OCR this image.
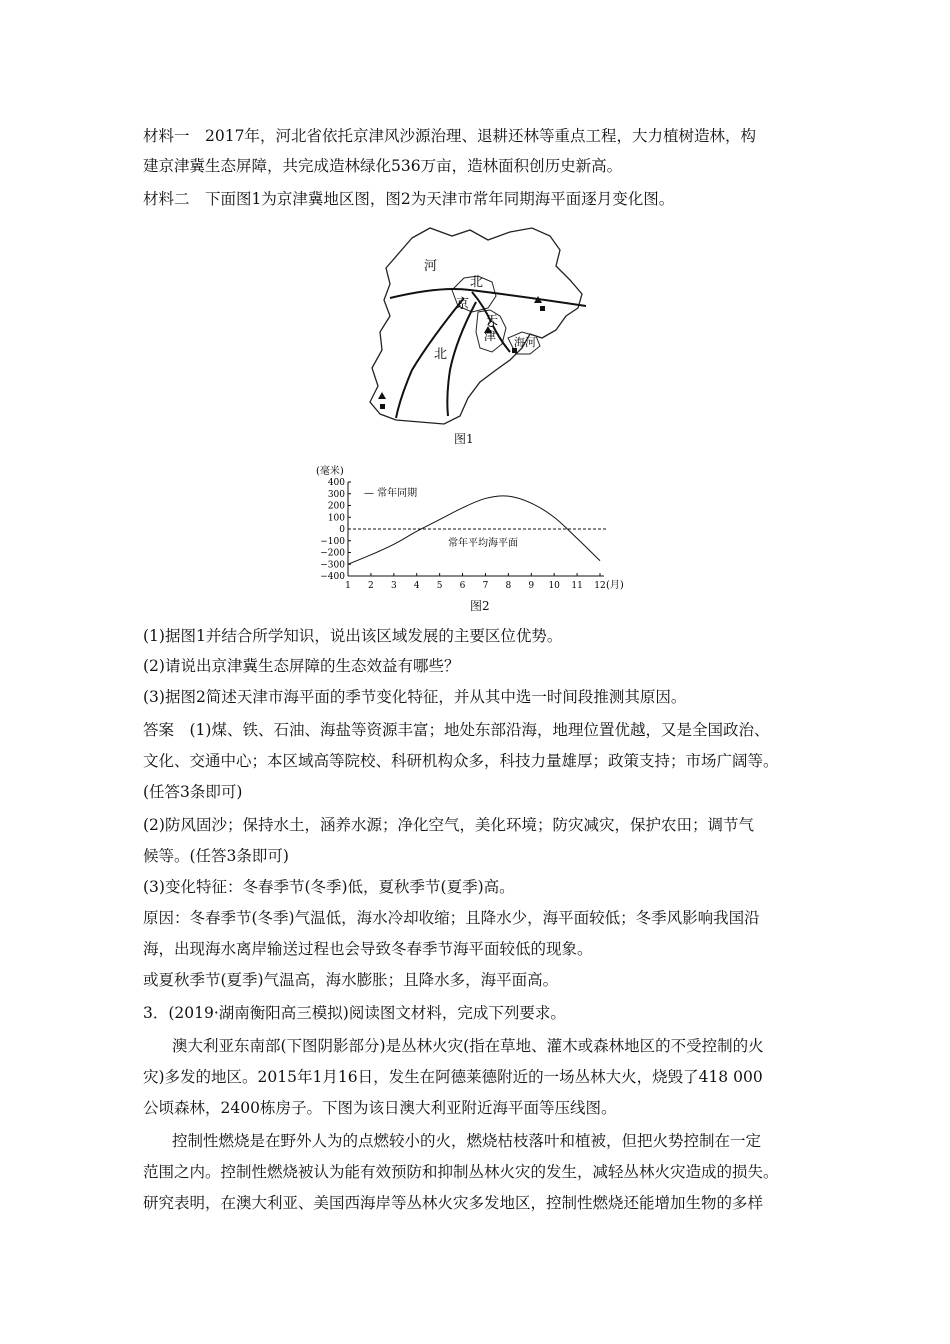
材料一　2017年，河北省依托京津风沙源治理、退耕还林等重点工程，大力植树造林，构
建京津冀生态屏障，共完成造林绿化536万亩，造林面积创历史新高。
材料二　下面图1为京津冀地区图，图2为天津市常年同期海平面逐月变化图。
河
北
京
天
津
北
海河
图1
400
300
200
100
0
−100
−200
−300
−400
1 2 3 4 5 6 7 8 9 10 11 12
(毫米)
— 常年同期
常年平均海平面
(月)
图2
(1)据图1并结合所学知识，说出该区域发展的主要区位优势。
(2)请说出京津冀生态屏障的生态效益有哪些？
(3)据图2简述天津市海平面的季节变化特征，并从其中选一时间段推测其原因。
答案　(1)煤、铁、石油、海盐等资源丰富；地处东部沿海，地理位置优越，又是全国政治、
文化、交通中心；本区域高等院校、科研机构众多，科技力量雄厚；政策支持；市场广阔等。
(任答3条即可)
(2)防风固沙；保持水土，涵养水源；净化空气，美化环境；防灾减灾，保护农田；调节气
候等。(任答3条即可)
(3)变化特征：冬春季节(冬季)低，夏秋季节(夏季)高。
原因：冬春季节(冬季)气温低，海水冷却收缩；且降水少，海平面较低；冬季风影响我国沿
海，出现海水离岸输送过程也会导致冬春季节海平面较低的现象。
或夏秋季节(夏季)气温高，海水膨胀；且降水多，海平面高。
3．(2019·湖南衡阳高三模拟)阅读图文材料，完成下列要求。
澳大利亚东南部(下图阴影部分)是丛林火灾(指在草地、灌木或森林地区的不受控制的火
灾)多发的地区。2015年1月16日，发生在阿德莱德附近的一场丛林大火，烧毁了418 000
公顷森林，2400栋房子。下图为该日澳大利亚附近海平面等压线图。
控制性燃烧是在野外人为的点燃较小的火，燃烧枯枝落叶和植被，但把火势控制在一定
范围之内。控制性燃烧被认为能有效预防和抑制丛林火灾的发生，减轻丛林火灾造成的损失。
研究表明，在澳大利亚、美国西海岸等丛林火灾多发地区，控制性燃烧还能增加生物的多样
